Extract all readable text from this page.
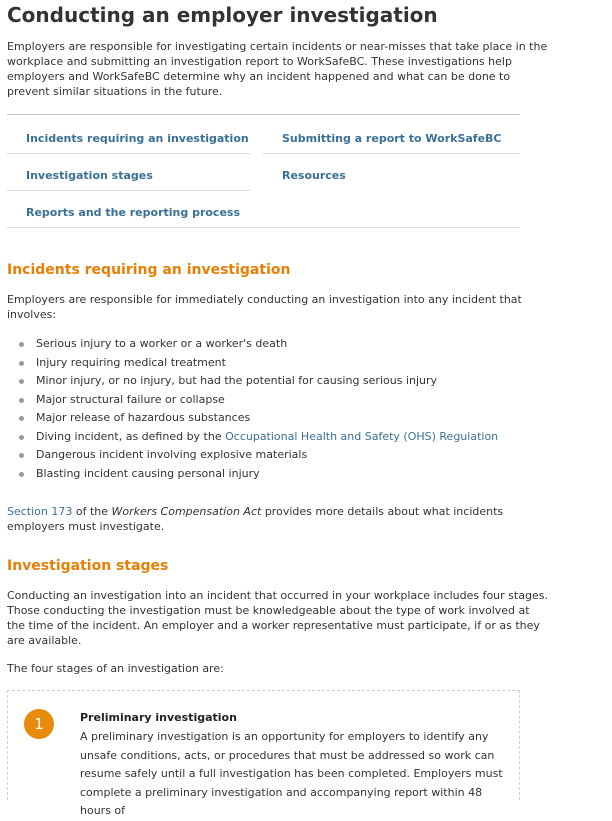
Conducting an employer investigation

Employers are responsible for investigating certain incidents or near-misses that take place in the

workplace and submitting an investigation report to WorkSafeBC. These investigations help

employers and WorkSafeBC determine why an incident happened and what can be done to

prevent similar situations in the future.

Incidents requiring an investigation	Submitting a report to WorkSafeBC
Investigation stages	Resources
Reports and the reporting process
Incidents requiring an investigation

Employers are responsible for immediately conducting an investigation into any incident that

involves:

Serious injury to a worker or a worker's death
Injury requiring medical treatment
Minor injury, or no injury, but had the potential for causing serious injury
Major structural failure or collapse
Major release of hazardous substances
Diving incident, as defined by the Occupational Health and Safety (OHS) Regulation
Dangerous incident involving explosive materials
Blasting incident causing personal injury

Section 173 of the Workers Compensation Act provides more details about what incidents

employers must investigate.

Investigation stages

Conducting an investigation into an incident that occurred in your workplace includes four stages.

Those conducting the investigation must be knowledgeable about the type of work involved at

the time of the incident. An employer and a worker representative must participate, if or as they

are available.

The four stages of an investigation are:

1	Preliminary investigation

A preliminary investigation is an opportunity for employers to identify any

unsafe conditions, acts, or procedures that must be addressed so work can

resume safely until a full investigation has been completed. Employers must

complete a preliminary investigation and accompanying report within 48 hours of
